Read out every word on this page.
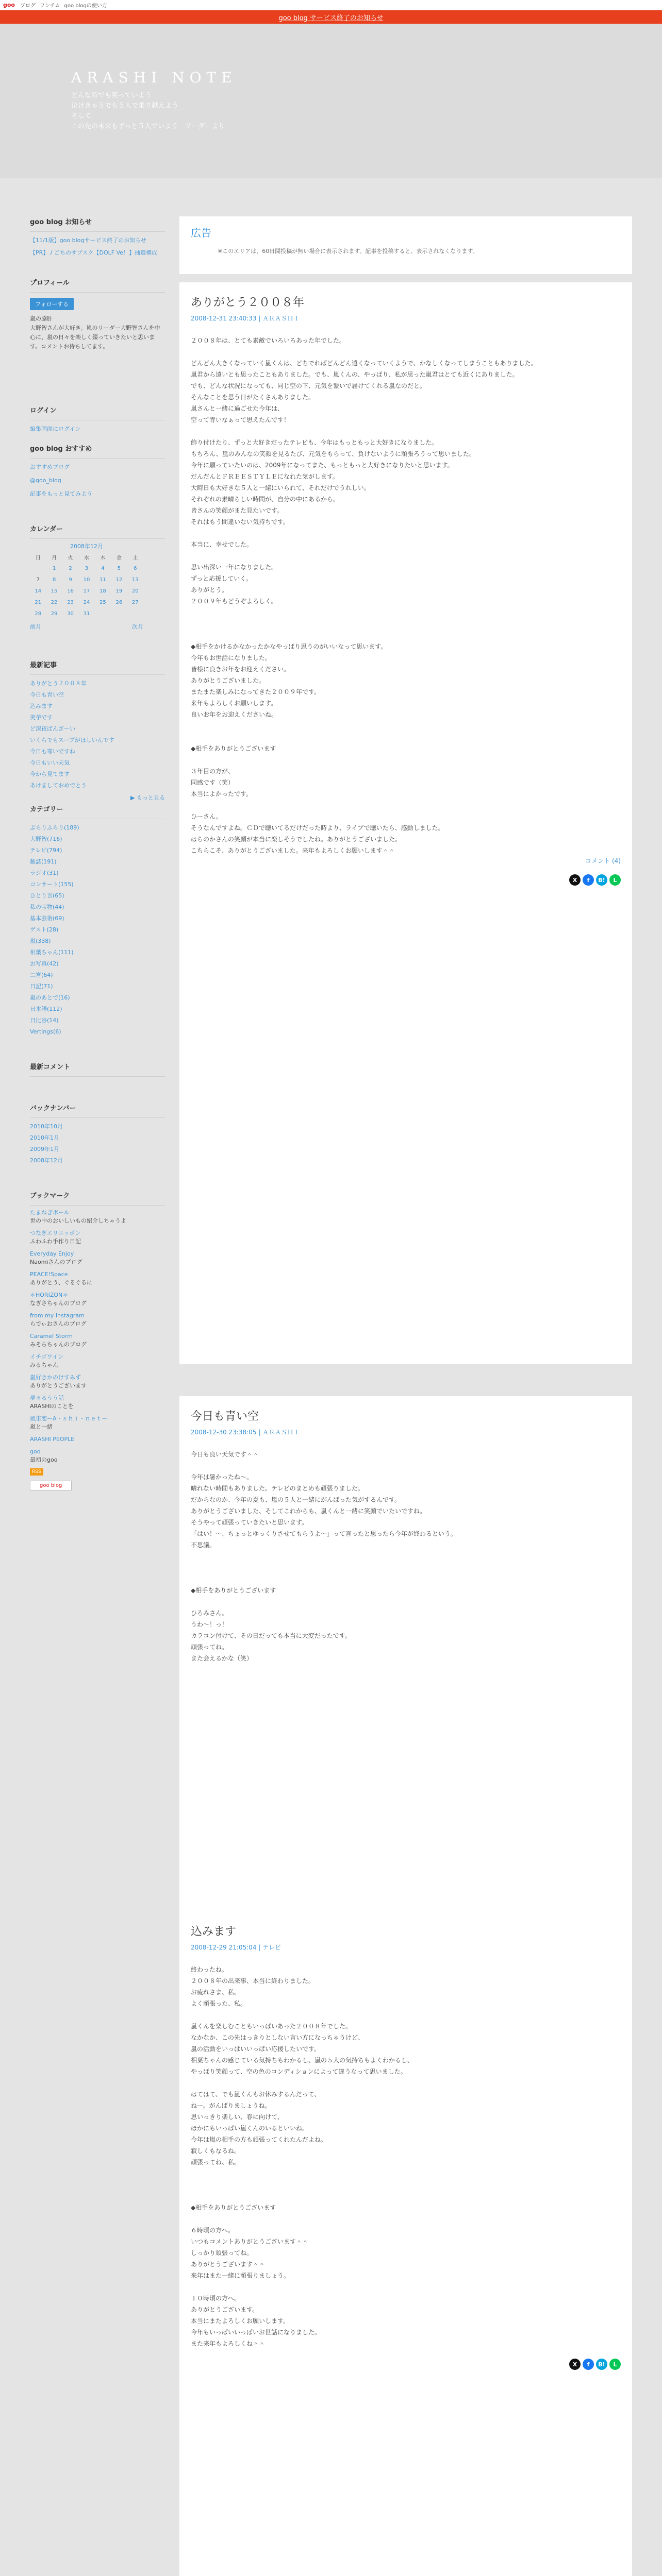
goo ブログ ワンチム goo blogの使い方
goo blog サービス終了のお知らせ
ARASHI NOTE
どんな時でも笑っていよう
泣けきゃ５でも５人で乗り越えよう
そして
この先の未来もずっと５人でいよう　リーダーより
goo blog お知らせ
【11/1版】goo blogサービス終了のお知らせ
【PR】 / ごちのサブスク【DOLF Ve！】抽選構成
プロフィール
フォローする
嵐の脇肝
大野智さんが大好き。嵐のリーダー大野智さんを中心に、嵐の日々を楽しく綴っていきたいと思います。コメントお待ちしてます。
ログイン
編集画面にログイン
goo blog おすすめ
おすすめブログ
@goo_blog
記事をもっと見てみよう
カレンダー
2008年12月
日	月	火	水	木	金	土
	1	2	3	4	5	6
7	8	9	10	11	12	13
14	15	16	17	18	19	20
21	22	23	24	25	26	27
28	29	30	31			
前月	次月
最新記事
ありがとう２００８年
今日も青い空
込みます
美芋です
ど深夜ばんざーい
いくらでもスープがほしいんです
今日も寒いですね
今日もいい天気
今から見てます
あけましておめでとう
▶ もっと見る
カテゴリー
ぶらりふらり(189)
大野智(716)
テレビ(794)
雑誌(191)
ラジオ(31)
コンサート(155)
ひとり言(65)
私の宝物(44)
基本芸術(69)
ゲスト(28)
嵐(338)
相葉ちゃん(111)
お写真(42)
二宮(64)
日記(71)
嵐のあとで(16)
日本語(112)
日比谷(14)
Vertings(6)
最新コメント
バックナンバー
2010年10月
2010年1月
2009年1月
2008年12月
ブックマーク
たまねぎボール
世の中のおいしいもの紹介しちゃうよ
つなぎエリニッポン
ふわふわ手作り日記
Everyday Enjoy
Naomiさんのブログ
PEACE!Space
ありがとう、ぐるぐるに
＊HORIZON＊
なぎさちゃんのブログ
from my Instagram
らでぃおさんのブログ
Caramel Storm
みそらちゃんのブログ
イチゴワイン
みるちゃん
嵐好きかのけすみず
ありがとうございます
夢々るうう話
ARASHIのことを
風車恋ーA・ｓｈｉ・ｎｅｔー
嵐と一緒
ARASHI PEOPLE
goo
最初のgoo
RSS
goo blog
広告
※このエリアは、60日間投稿が無い場合に表示されます。記事を投稿すると、表示されなくなります。
ありがとう２００８年
2008-12-31 23:40:33 | ＡＲＡＳＨＩ
２００８年は、とても素敵でいろいろあった年でした。

どんどん大きくなっていく嵐くんは、どちでればどんどん遠くなっていくようで、かなしくなってしまうこともありました。
嵐君から遠いとも思ったこともありました。でも、嵐くんの、やっぱり、私が思った嵐君はとても近くにありました。
でも、どんな状況になっても、同じ空の下、元気を繋いで届けてくれる嵐なのだと。
そんなことを思う日がたくさんありました。
嵐さんと一緒に過ごせた今年は、
空って青いなぁって思えたんです！

飾り付けたり、ずっと大好きだったテレビも、今年はもっともっと大好きになりました。
もちろん、嵐のみんなの笑顔を見るたび、元気をもらって、負けないように頑張ろうって思いました。
今年に願っていたいのは、2009年になってまた、もっともっと大好きになりたいと思います。
だんだんとＦＲＥＥＳＴＹＬＥになれた気がします。
大晦日も大好きな５人と一緒にいられて、それだけでうれしい。
それぞれの素晴らしい時間が、自分の中にあるから。
皆さんの笑顔がまた見たいです。
それはもう間違いない気持ちです。

本当に、幸せでした。

思い出深い一年になりました。
ずっと応援していく。
ありがとう。
２００９年もどうぞよろしく。

◆相手をかけるかなかったかなやっぱり思うのがいいなって思います。
今年もお世話になりました。
皆様に良きお年をお迎えください。
ありがとうございました。
またまた楽しみになってきた２００９年です。
来年もよろしくお願いします。
良いお年をお迎えくださいね。

◆相手をありがとうございます

３年目の方が、
同感です（笑）
本当によかったです。

ひーさん。
そうなんですよね。ＣＤで聴いてるだけだった時より、ライブで聴いたら、感動しました。
はらのかさんの笑顔が本当に楽しそうでしたね。ありがとうございました。
こちらこそ、ありがとうございました。来年もよろしくお願いします＾＾
コメント (4)
X	f	B!	L
今日も青い空
2008-12-30 23:38:05 | ＡＲＡＳＨＩ
今日も良い天気です＾＾

今年は暑かったね〜。
晴れない時間もありました。テレビのまとめも頑張りました。
だからなのか、今年の夏も、嵐の５人と一緒にがんばった気がするんです。
ありがとうございました、そしてこれからも、嵐くんと一緒に笑顔でいたいですね。
そうやって頑張っていきたいと思います。
「はい！〜、ちょっとゆっくりさせてもらうよ〜」って言ったと思ったら今年が終わるという。
不思議。

◆相手をありがとうございます

ひろみさん。
うわ〜！っ！
カラコン付けて、その日だっても本当に大変だったです。
頑張ってね。
また会えるかな（笑）
込みます
2008-12-29 21:05:04 | テレビ
終わったね。
２００８年の出来事、本当に終わりました。
お疲れさま、私。
よく頑張った、私。

嵐くんを楽しむこともいっぱいあった２００８年でした。
なかなか、この先はっきりとしない言い方になっちゃうけど、
嵐の活動をいっぱいいっぱい応援したいです。
相葉ちゃんの感じている気持ちもわかるし、嵐の５人の気持ちもよくわかるし、
やっぱり笑顔って、空の色のコンディションによって違うなって思いました。

はてはて、でも嵐くんもお休みするんだって、
ねー。がんばりましょうね。
思いっきり楽しい、春に向けて、
ほかにもいっぱい嵐くんのいるといいね。
今年は嵐の相手の方も頑張ってくれたんだよね。
寂しくもなるね。
頑張ってね、私。

◆相手をありがとうございます

６時頃の方へ。
いつもコメントありがとうございます＾＾
しっかり頑張ってね。
ありがとうございます＾＾
来年はまた一緒に頑張りましょう。

１０時頃の方へ。
ありがとうございます。
本当にまたよろしくお願いします。
今年もいっぱいいっぱいお世話になりました。
また来年もよろしくね＾＾
X	f	B!	L
